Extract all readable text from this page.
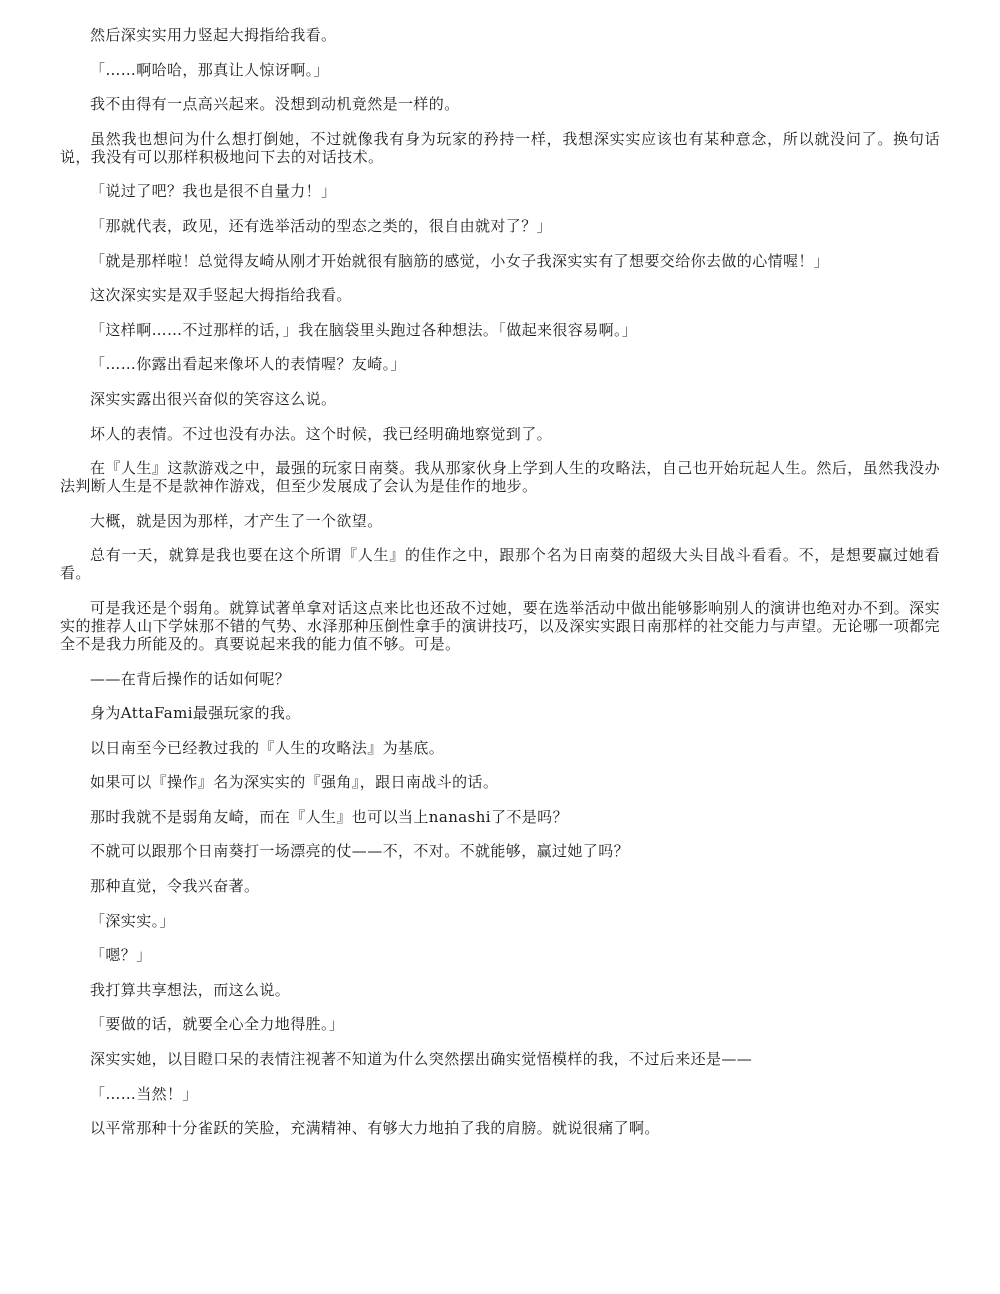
然后深实实用力竖起大拇指给我看。

「……啊哈哈，那真让人惊讶啊。」

我不由得有一点高兴起来。没想到动机竟然是一样的。

虽然我也想问为什么想打倒她，不过就像我有身为玩家的矜持一样，我想深实实应该也有某种意念，所以就没问了。换句话说，我没有可以那样积极地问下去的对话技术。

「说过了吧？我也是很不自量力！」

「那就代表，政见，还有选举活动的型态之类的，很自由就对了？」

「就是那样啦！总觉得友崎从刚才开始就很有脑筋的感觉，小女子我深实实有了想要交给你去做的心情喔！」

这次深实实是双手竖起大拇指给我看。

「这样啊……不过那样的话，」我在脑袋里头跑过各种想法。「做起来很容易啊。」

「……你露出看起来像坏人的表情喔？友崎。」

深实实露出很兴奋似的笑容这么说。

坏人的表情。不过也没有办法。这个时候，我已经明确地察觉到了。

在『人生』这款游戏之中，最强的玩家日南葵。我从那家伙身上学到人生的攻略法，自己也开始玩起人生。然后，虽然我没办法判断人生是不是款神作游戏，但至少发展成了会认为是佳作的地步。

大概，就是因为那样，才产生了一个欲望。

总有一天，就算是我也要在这个所谓『人生』的佳作之中，跟那个名为日南葵的超级大头目战斗看看。不，是想要赢过她看看。

可是我还是个弱角。就算试著单拿对话这点来比也还敌不过她，要在选举活动中做出能够影响别人的演讲也绝对办不到。深实实的推荐人山下学妹那不错的气势、水泽那种压倒性拿手的演讲技巧，以及深实实跟日南那样的社交能力与声望。无论哪一项都完全不是我力所能及的。真要说起来我的能力值不够。可是。

——在背后操作的话如何呢？

身为AttaFami最强玩家的我。

以日南至今已经教过我的『人生的攻略法』为基底。

如果可以『操作』名为深实实的『强角』，跟日南战斗的话。

那时我就不是弱角友崎，而在『人生』也可以当上nanashi了不是吗？

不就可以跟那个日南葵打一场漂亮的仗——不，不对。不就能够，赢过她了吗？

那种直觉，令我兴奋著。

「深实实。」

「嗯？」

我打算共享想法，而这么说。

「要做的话，就要全心全力地得胜。」

深实实她，以目瞪口呆的表情注视著不知道为什么突然摆出确实觉悟模样的我，不过后来还是——

「……当然！」

以平常那种十分雀跃的笑脸，充满精神、有够大力地拍了我的肩膀。就说很痛了啊。
